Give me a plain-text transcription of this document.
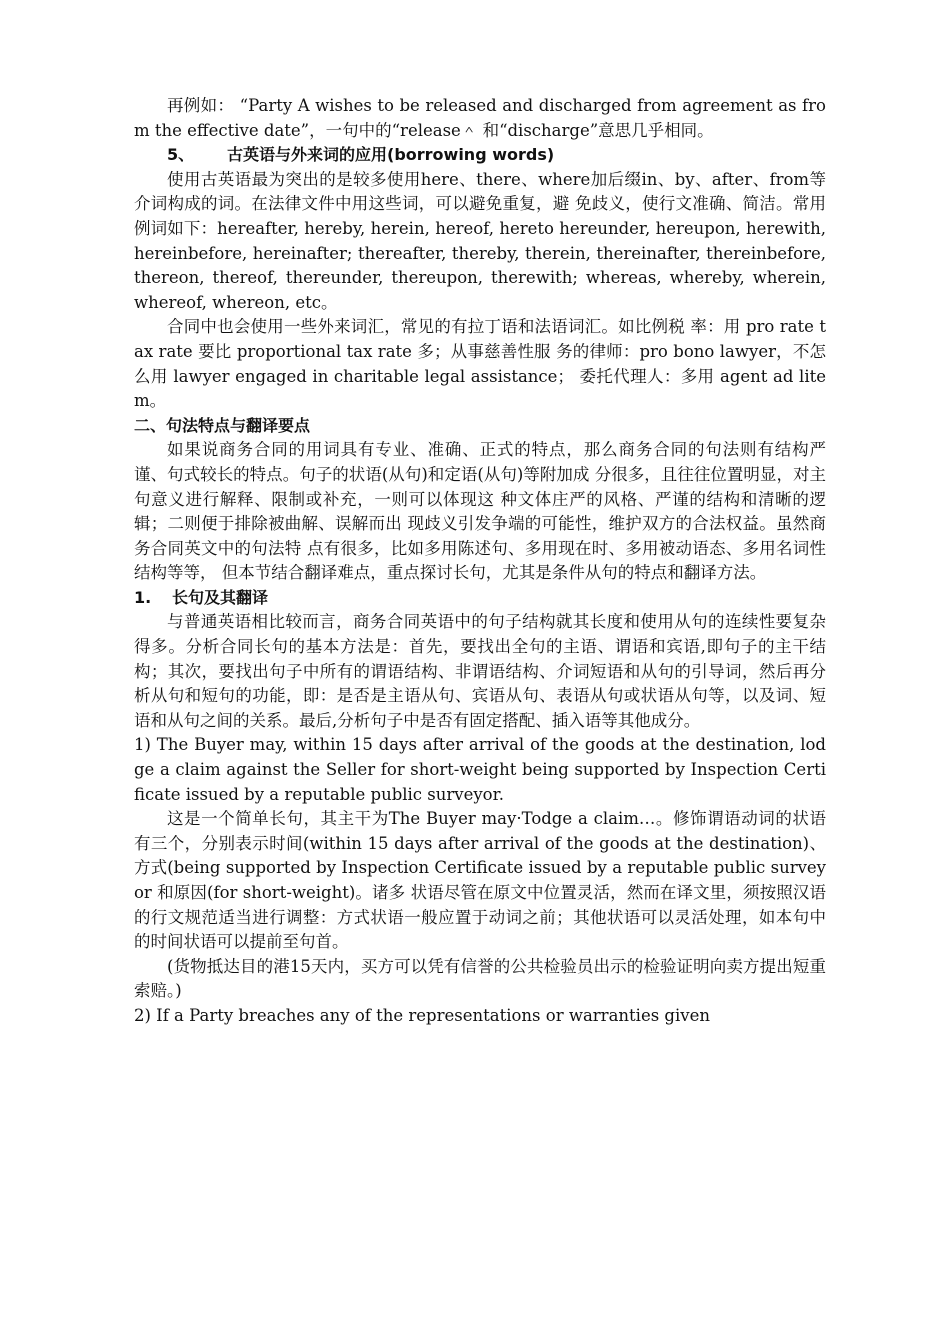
再例如： “Party A wishes to be released and discharged from agreement as from the effective date”，一句中的“release＾ 和“discharge”意思几乎相同。

5、 古英语与外来词的应用(borrowing words)

使用古英语最为突出的是较多使用here、there、where加后缀in、by、after、from等介词构成的词。在法律文件中用这些词，可以避免重复，避 免歧义，使行文准确、简洁。常用例词如下：hereafter, hereby, herein, hereof, hereto hereunder, hereupon, herewith, hereinbefore, hereinafter; thereafter, thereby, therein, thereinafter, thereinbefore, thereon, thereof, thereunder, thereupon, therewith; whereas, whereby, wherein, whereof, whereon, etc。

合同中也会使用一些外来词汇，常见的有拉丁语和法语词汇。如比例税 率：用 pro rate tax rate 要比 proportional tax rate 多；从事慈善性服 务的律师：pro bono lawyer，不怎么用 lawyer engaged in charitable legal assistance； 委托代理人：多用 agent ad litem。

二、句法特点与翻译要点

如果说商务合同的用词具有专业、准确、正式的特点，那么商务合同的句法则有结构严谨、句式较长的特点。句子的状语(从句)和定语(从句)等附加成 分很多，且往往位置明显，对主句意义进行解释、限制或补充，一则可以体现这 种文体庄严的风格、严谨的结构和清晰的逻辑；二则便于排除被曲解、误解而出 现歧义引发争端的可能性，维护双方的合法权益。虽然商务合同英文中的句法特 点有很多，比如多用陈述句、多用现在时、多用被动语态、多用名词性结构等等， 但本节结合翻译难点，重点探讨长句，尤其是条件从句的特点和翻译方法。

1. 长句及其翻译

与普通英语相比较而言，商务合同英语中的句子结构就其长度和使用从句的连续性要复杂得多。分析合同长句的基本方法是：首先，要找出全句的主语、谓语和宾语,即句子的主干结构；其次，要找出句子中所有的谓语结构、非谓语结构、介词短语和从句的引导词，然后再分析从句和短句的功能，即：是否是主语从句、宾语从句、表语从句或状语从句等，以及词、短语和从句之间的关系。最后,分析句子中是否有固定搭配、插入语等其他成分。

1) The Buyer may, within 15 days after arrival of the goods at the destination, lodge a claim against the Seller for short-weight being supported by Inspection Certificate issued by a reputable public surveyor.

这是一个简单长句，其主干为The Buyer may·Todge a claim…。修饰谓语动词的状语有三个，分别表示时间(within 15 days after arrival of the goods at the destination)、方式(being supported by Inspection Certificate issued by a reputable public surveyor 和原因(for short-weight)。诸多 状语尽管在原文中位置灵活，然而在译文里，须按照汉语的行文规范适当进行调整：方式状语一般应置于动词之前；其他状语可以灵活处理，如本句中的时间状语可以提前至句首。

(货物抵达目的港15天内，买方可以凭有信誉的公共检验员出示的检验证明向卖方提出短重索赔。)

2) If a Party breaches any of the representations or warranties given
